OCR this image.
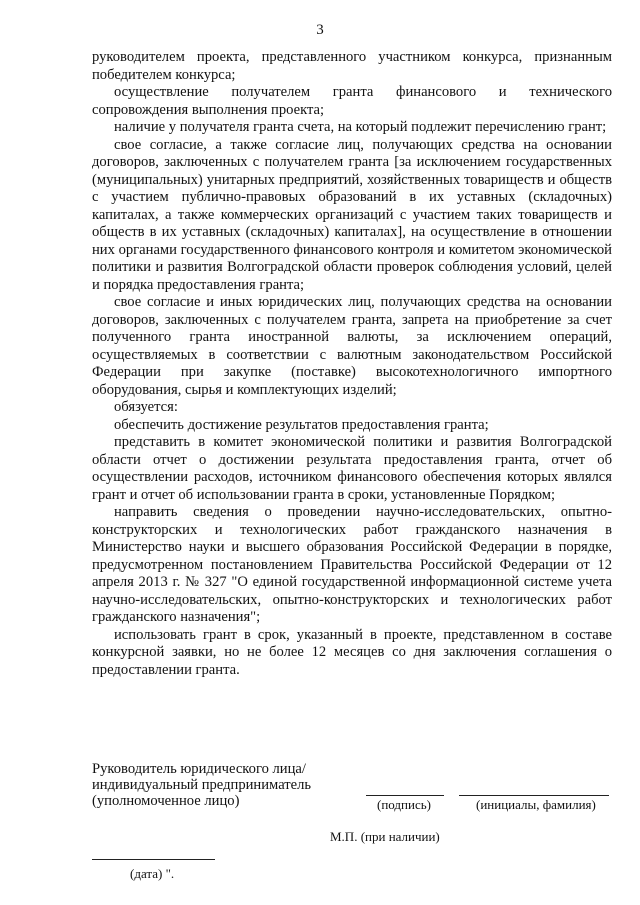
3

руководителем проекта, представленного участником конкурса, признанным победителем конкурса;

осуществление получателем гранта финансового и технического сопровождения выполнения проекта;

наличие у получателя гранта счета, на который подлежит перечислению грант;

свое согласие, а также согласие лиц, получающих средства на основании договоров, заключенных с получателем гранта [за исключением государственных (муниципальных) унитарных предприятий, хозяйственных товариществ и обществ с участием публично-правовых образований в их уставных (складочных) капиталах, а также коммерческих организаций с участием таких товариществ и обществ в их уставных (складочных) капиталах], на осуществление в отношении них органами государственного финансового контроля и комитетом экономической политики и развития Волгоградской области проверок соблюдения условий, целей и порядка предоставления гранта;

свое согласие и иных юридических лиц, получающих средства на основании договоров, заключенных с получателем гранта, запрета на приобретение за счет полученного гранта иностранной валюты, за исключением операций, осуществляемых в соответствии с валютным законодательством Российской Федерации при закупке (поставке) высокотехнологичного импортного оборудования, сырья и комплектующих изделий;

обязуется:

обеспечить достижение результатов предоставления гранта;

представить в комитет экономической политики и развития Волгоградской области отчет о достижении результата предоставления гранта, отчет об осуществлении расходов, источником финансового обеспечения которых являлся грант и отчет об использовании гранта в сроки, установленные Порядком;

направить сведения о проведении научно-исследовательских, опытно-конструкторских и технологических работ гражданского назначения в Министерство науки и высшего образования Российской Федерации в порядке, предусмотренном постановлением Правительства Российской Федерации от 12 апреля 2013 г. № 327 "О единой государственной информационной системе учета научно-исследовательских, опытно-конструкторских и технологических работ гражданского назначения";

использовать грант в срок, указанный в проекте, представленном в составе конкурсной заявки, но не более 12 месяцев со дня заключения соглашения о предоставлении гранта.

Руководитель юридического лица/
индивидуальный предприниматель
(уполномоченное лицо)	(подпись)	(инициалы, фамилия)
М.П. (при наличии)
(дата) ".
